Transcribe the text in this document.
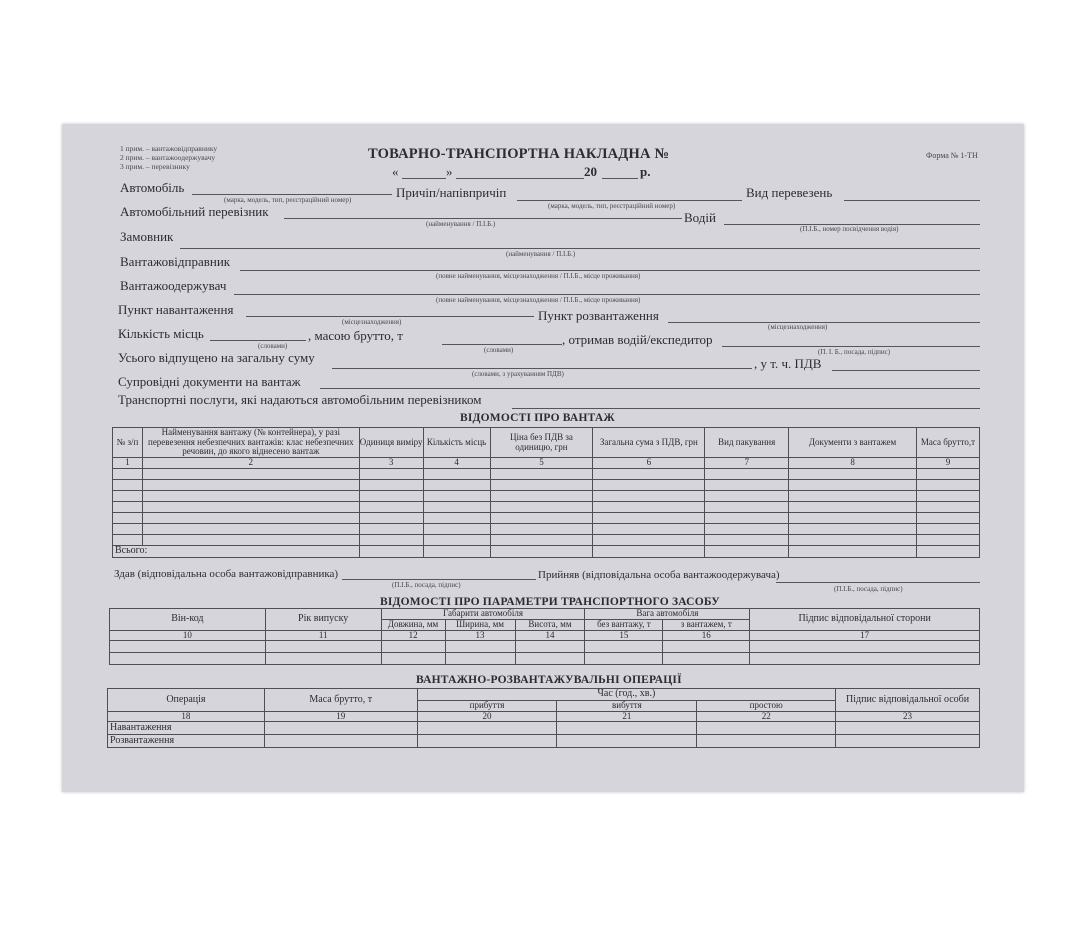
1 прим. – вантажовідправнику
2 прим. – вантажоодержувачу
3 прим. – перевізнику
ТОВАРНО-ТРАНСПОРТНА НАКЛАДНА №	Форма № 1-ТН
«	»	20	р.
Автомобіль
(марка, модель, тип, реєстраційний номер)	Причіп/напівпричіп
(марка, модель, тип, реєстраційний номер)
Вид перевезень
Автомобільний перевізник
(найменування / П.І.Б.)	Водій
(П.І.Б., номер посвідчення водія)
Замовник
(найменування / П.І.Б.)
Вантажовідправник
(повне найменування, місцезнаходження / П.І.Б., місце проживання)
Вантажоодержувач
(повне найменування, місцезнаходження / П.І.Б., місце проживання)
Пункт навантаження
(місцезнаходження)	Пункт розвантаження
(місцезнаходження)
Кількість місць
(словами)
, масою брутто, т
(словами)
, отримав водій/експедитор
(П. І. Б., посада, підпис)
Усього відпущено на загальну суму
(словами, з урахуванням ПДВ)
, у т. ч. ПДВ
Супровідні документи на вантаж
Транспортні послуги, які надаються автомобільним перевізником
ВІДОМОСТІ ПРО ВАНТАЖ
№ з/п	Найменування вантажу (№ контейнера), у разі перевезення небезпечних вантажів: клас небезпечних речовин, до якого віднесено вантаж	Одиниця виміру	Кількість місць	Ціна без ПДВ за одиницю, грн	Загальна сума з ПДВ, грн	Вид пакування	Документи з вантажем	Маса брутто,т
1	2	3	4	5	6	7	8	9

Всього:								
Здав (відповідальна особа вантажовідправника)
(П.І.Б., посада, підпис)
Прийняв (відповідальна особа вантажоодержувача)
(П.І.Б., посада, підпис)
ВІДОМОСТІ ПРО ПАРАМЕТРИ ТРАНСПОРТНОГО ЗАСОБУ
Він-код	Рік випуску	Габарити автомобіля			Вага автомобіля		Підпис відповідальної сторони
		Довжина, мм	Ширина, мм	Висота, мм	без вантажу, т	з вантажем, т	
10	11	12	13	14	15	16	17

ВАНТАЖНО-РОЗВАНТАЖУВАЛЬНІ ОПЕРАЦІЇ
Операція	Маса брутто, т	Час (год., хв.)			Підпис відповідальної особи
		прибуття	вибуття	простою	
18	19	20	21	22	23
Навантаження					
Розвантаження					
